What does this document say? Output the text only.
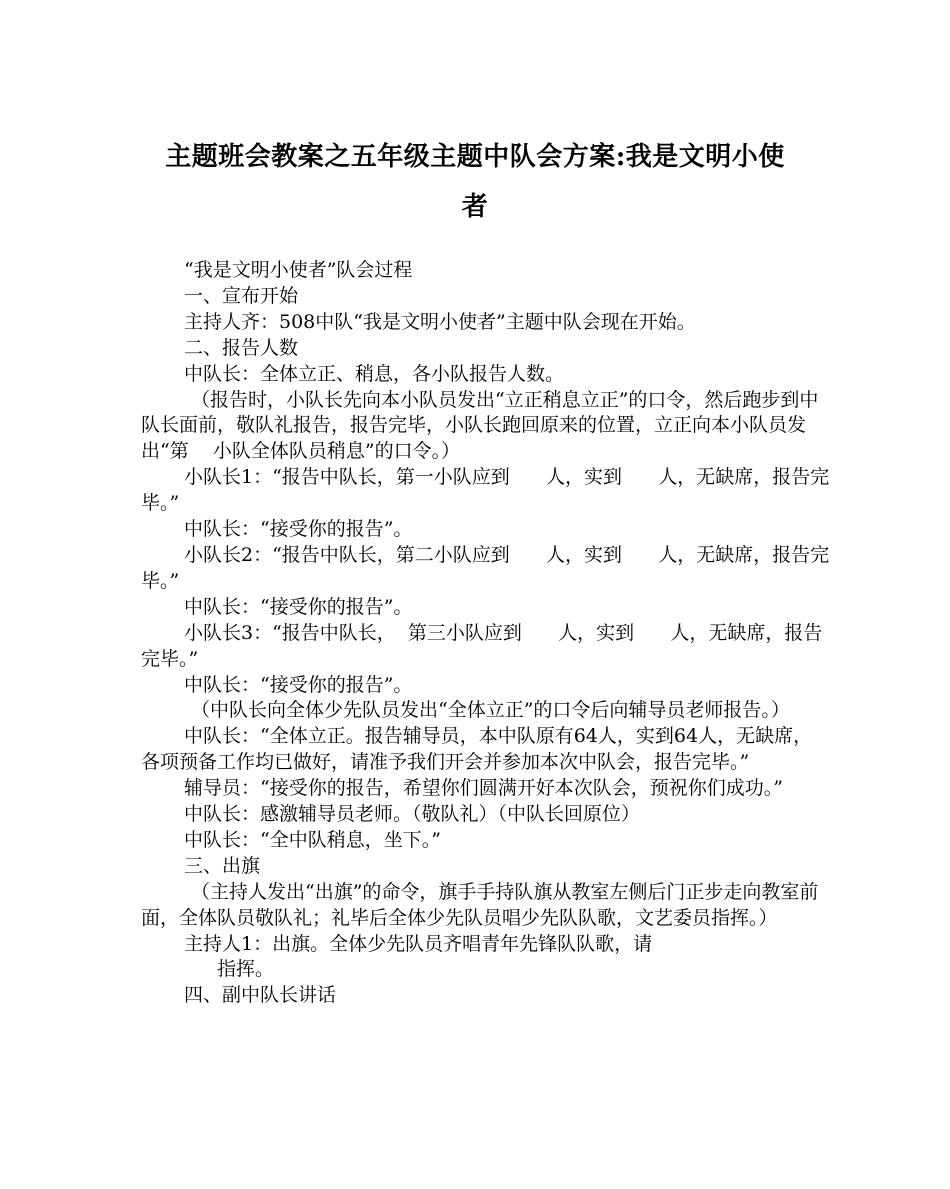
主题班会教案之五年级主题中队会方案:我是文明小使
者

“我是文明小使者”队会过程

一、宣布开始

主持人齐：508中队“我是文明小使者”主题中队会现在开始。

二、报告人数

中队长：全体立正、稍息，各小队报告人数。

（报告时，小队长先向本小队员发出“立正稍息立正”的口令，然后跑步到中队长面前，敬队礼报告，报告完毕，小队长跑回原来的位置，立正向本小队员发出“第    小队全体队员稍息”的口令。）

小队长1：“报告中队长，第一小队应到      人，实到      人，无缺席，报告完毕。”

中队长：“接受你的报告”。

小队长2：“报告中队长，第二小队应到      人，实到      人，无缺席，报告完毕。”

中队长：“接受你的报告”。

小队长3：“报告中队长，  第三小队应到      人，实到      人，无缺席，报告完毕。”

中队长：“接受你的报告”。

（中队长向全体少先队员发出“全体立正”的口令后向辅导员老师报告。）

中队长：“全体立正。报告辅导员，本中队原有64人，实到64人，无缺席，各项预备工作均已做好，请准予我们开会并参加本次中队会，报告完毕。”

辅导员：“接受你的报告，希望你们圆满开好本次队会，预祝你们成功。”

中队长：感激辅导员老师。（敬队礼）（中队长回原位）

中队长：“全中队稍息，坐下。”

三、出旗

（主持人发出“出旗”的命令，旗手手持队旗从教室左侧后门正步走向教室前面，全体队员敬队礼；礼毕后全体少先队员唱少先队队歌，文艺委员指挥。）

主持人1：出旗。全体少先队员齐唱青年先锋队队歌，请

指挥。

四、副中队长讲话
